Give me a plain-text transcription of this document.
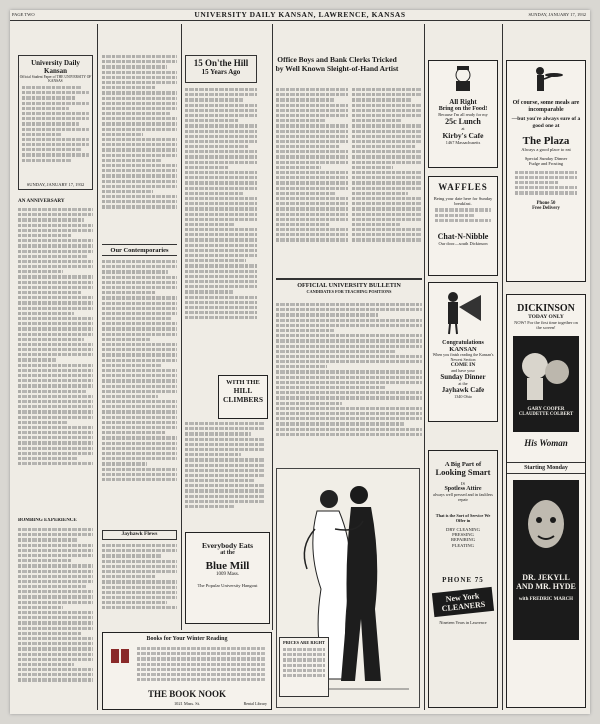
PAGE TWO	UNIVERSITY DAILY KANSAN, LAWRENCE, KANSAS	SUNDAY, JANUARY 17, 1932
University Daily Kansan
Official Student Paper of THE UNIVERSITY OF KANSAS
SUNDAY, JANUARY 17, 1932
AN ANNIVERSARY
BOMBING EXPERIENCE
Our Contemporaries
Jayhawk Flews
15 On'the Hill
15 Years Ago
WITH THE
HILL
CLIMBERS
Everybody Eats
at the
Blue Mill
1009 Mass.
The Popular University Hangout
Office Boys and Bank Clerks Tricked
by Well Known Sleight-of-Hand Artist
OFFICIAL UNIVERSITY BULLETIN
CANDIDATES FOR TEACHING POSITIONS
PRICES ARE RIGHT
All Right
Bring on the Food!
Because I'm all ready for my
25c Lunch
at
Kirby's Cafe
1467 Massachusetts
WAFFLES
Being your date here for Sunday breakfast.
Chat-N-Nibble
Our door—south Dickinson
Congratulations
KANSAN
When you finish reading the Kansan's Newest Section
COME IN
and have your
Sunday Dinner
at the
Jayhawk Cafe
1340 Ohio
A Big Part of
Looking Smart
IS
Spotless Attire
always well pressed and in faultless repair
That is the Sort of Service We Offer in
DRY CLEANING
PRESSING
REPAIRING
PLEATING
PHONE 75
New York CLEANERS
Nineteen Years in Lawrence
Of course, some meals are incomparable
—but you're always sure of a good one at
The Plaza
Always a good place to eat
Special Sunday Dinner
Fudge and Frosting
Phone 50
Free Delivery
DICKINSON
TODAY ONLY
NOW! For the first time together on the screen!
GARY COOPER
CLAUDETTE COLBERT
His Woman
Starting Monday
DR. JEKYLL AND MR. HYDE
with FREDRIC MARCH
Books for Your Winter Reading
THE BOOK NOOK
1021 Mass. St.	Rental Library
